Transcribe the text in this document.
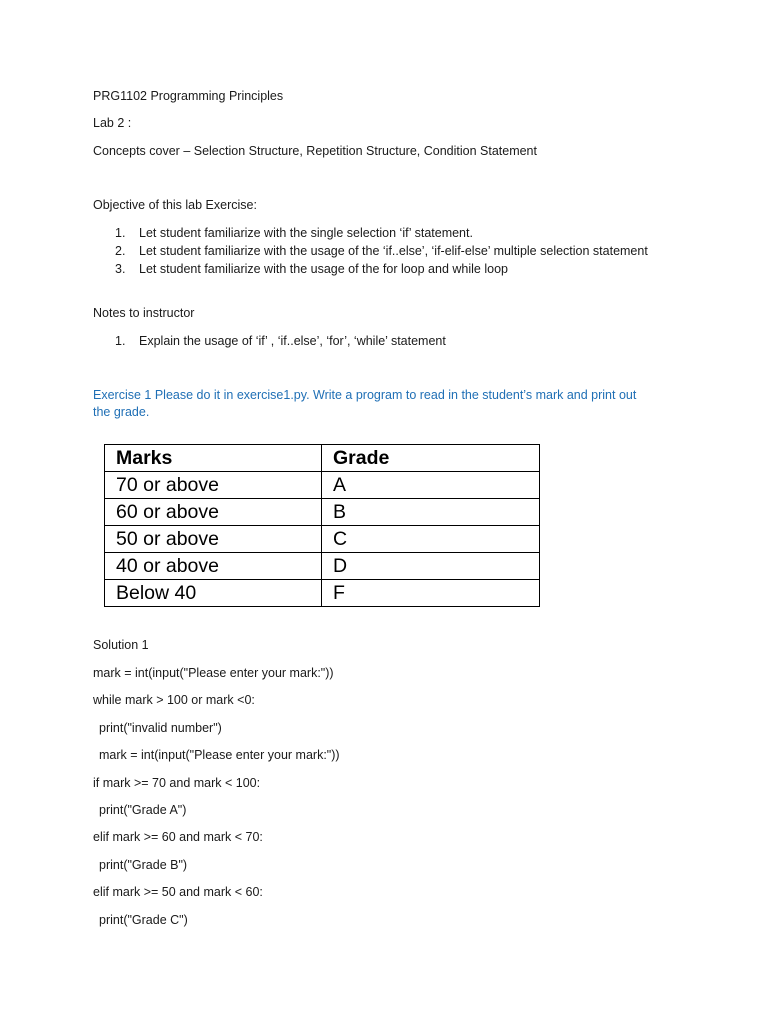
PRG1102 Programming Principles
Lab 2 :
Concepts cover – Selection Structure, Repetition Structure, Condition Statement
Objective of this lab Exercise:
1. Let student familiarize with the single selection ‘if’ statement.
2. Let student familiarize with the usage of the ‘if..else’, ‘if-elif-else’ multiple selection statement
3. Let student familiarize with the usage of the for loop and while loop
Notes to instructor
1. Explain the usage of ‘if’ , ‘if..else’, ‘for’, ‘while’ statement
Exercise 1 Please do it in exercise1.py. Write a program to read in the student’s mark and print out
the grade.
Marks	Grade
70 or above	A
60 or above	B
50 or above	C
40 or above	D
Below 40	F
Solution 1
mark = int(input("Please enter your mark:"))
while mark > 100 or mark <0:
print("invalid number")
mark = int(input("Please enter your mark:"))
if mark >= 70 and mark < 100:
print("Grade A")
elif mark >= 60 and mark < 70:
print("Grade B")
elif mark >= 50 and mark < 60:
print("Grade C")
